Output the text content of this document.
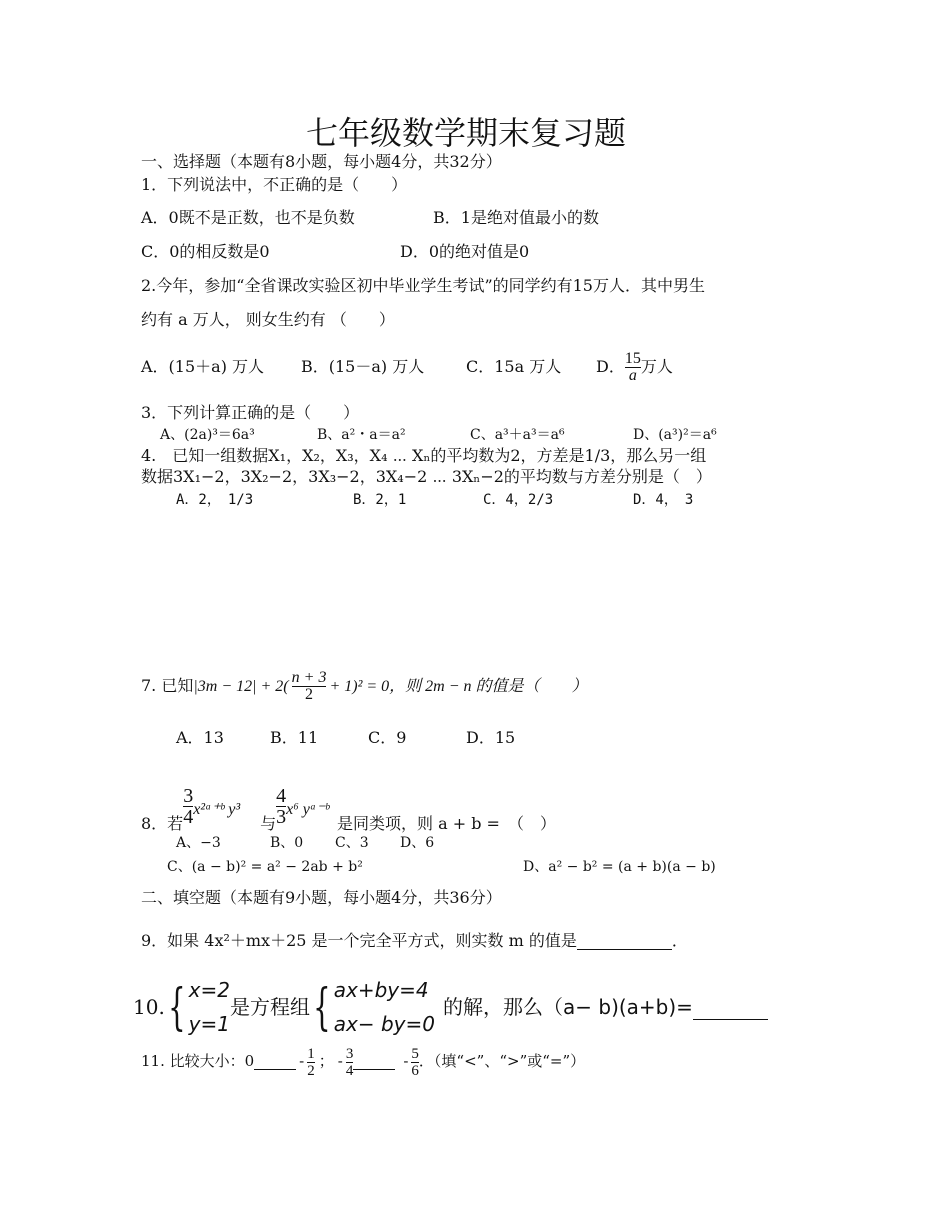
七年级数学期末复习题
一、选择题（本题有8小题，每小题4分，共32分）
1．下列说法中，不正确的是（　　）
A．0既不是正数，也不是负数	B．1是绝对值最小的数
C．0的相反数是0	D．0的绝对值是0
2.今年，参加“全省课改实验区初中毕业学生考试”的同学约有15万人．其中男生
约有 a 万人， 则女生约有 （　　）
A．(15＋a) 万人 B．(15－a) 万人	C．15a 万人 D． $\frac{15}{a}$ 万人
3．下列计算正确的是（　　）
A、(2a)³＝6a³	B、a²・a＝a²	C、a³＋a³＝a⁶	D、(a³)²＝a⁶
4.　已知一组数据X₁，X₂，X₃，X₄ ⋯ Xₙ的平均数为2，方差是1/3，那么另一组
数据3X₁−2，3X₂−2，3X₃−2，3X₄−2 ⋯ 3Xₙ−2的平均数与方差分别是（　）
A．2，　1/3	B．2，1	C．4，2/3	D．4，　3
7. 已知$|3m - 12| + 2( \frac{n + 3}{2} + 1)^2 = 0$，则 2m − n 的值是（　　）
A．13	B．11	C．9	D．15
8．若 $\frac{3}{4}$ x²ᵃ⁺ᵇ y³与 $\frac{4}{3} x^6$ yᵃ⁻ᵇ是同类项，则 a + b =　（　）
A、−3	B、0 C、3 D、6
C、(a − b)² = a² − 2ab + b²	D、a² − b² = (a + b)(a − b)
二、填空题（本题有9小题，每小题4分，共36分）
9．如果 4x²＋mx＋25 是一个完全平方式，则实数 m 的值是	．
10. { x=2
y=1
是方程组 { ax+by=4
ax− by=0
的解，那么（a− b)(a+b)=
11. 比较大小：0	- $\frac{1}{2}$ ； - $\frac{3}{4}$	- $\frac{5}{6}$ ．（填“<”、“>”或“=”）
